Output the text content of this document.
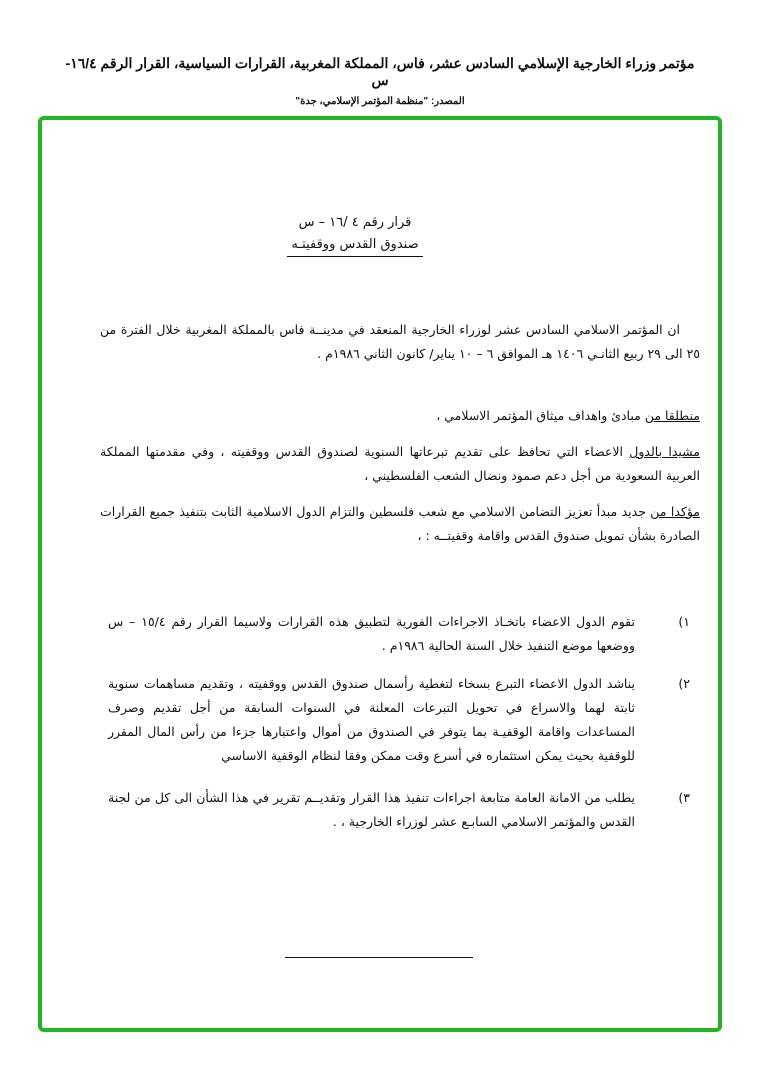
مؤتمر وزراء الخارجية الإسلامي السادس عشر، فاس، المملكة المغربية، القرارات السياسية، القرار الرقم ١٦/٤-س
المصدر: "منظمة المؤتمر الإسلامي، جدة"
قرار رقم ٤ /١٦ – س
صندوق القدس ووقفيتـه

ان المؤتمر الاسلامي السادس عشر لوزراء الخارجية المنعقد في مدينــة فاس بالمملكة المغربية خلال الفترة من ٢٥ الى ٢٩ ربيع الثانـي ١٤٠٦ هـ الموافق ٦ – ١٠ يناير/ كانون الثاني ١٩٨٦م .

منطلقا من مبادئ واهداف ميثاق المؤتمر الاسلامي ،

مشيدا بالدول الاعضاء التي تحافظ على تقديم تبرعاتها السنوية لصندوق القدس ووقفيته ، وفي مقدمتها المملكة العربية السعودية من أجل دعم صمود ونضال الشعب الفلسطيني ،

مؤكدا من جديد مبدأ تعزيز التضامن الاسلامي مع شعب فلسطين والتزام الدول الاسلامية الثابت بتنفيذ جميع القرارات الصادرة بشأن تمويل صندوق القدس واقامة وقفيتــه : ،

١)
تقوم الدول الاعضاء باتخـاذ الاجراءات الفورية لتطبيق هذه القرارات ولاسيما القرار رقم ١٥/٤ – س ووضعها موضع التنفيذ خلال السنة الحالية ١٩٨٦م .
٢)
يناشد الدول الاعضاء التبرع بسخاء لتغطية رأسمال صندوق القدس ووقفيته ، وتقديم مساهمات سنوية ثابتة لهما والاسراع في تحويل التبرعات المعلنة في السنوات السابقة من أجل تقديم وصرف المساعدات واقامة الوقفيـة بما يتوفر في الصندوق من أموال واعتبارها جزءا من رأس المال المقرر للوقفية بحيث يمكن استثماره في أسرع وقت ممكن وفقا لنظام الوقفية الاساسي
٣)
يطلب من الامانة العامة متابعة اجراءات تنفيذ هذا القرار وتقديــم تقرير في هذا الشأن الى كل من لجنة القدس والمؤتمر الاسلامي السابـع عشر لوزراء الخارجية ، .
